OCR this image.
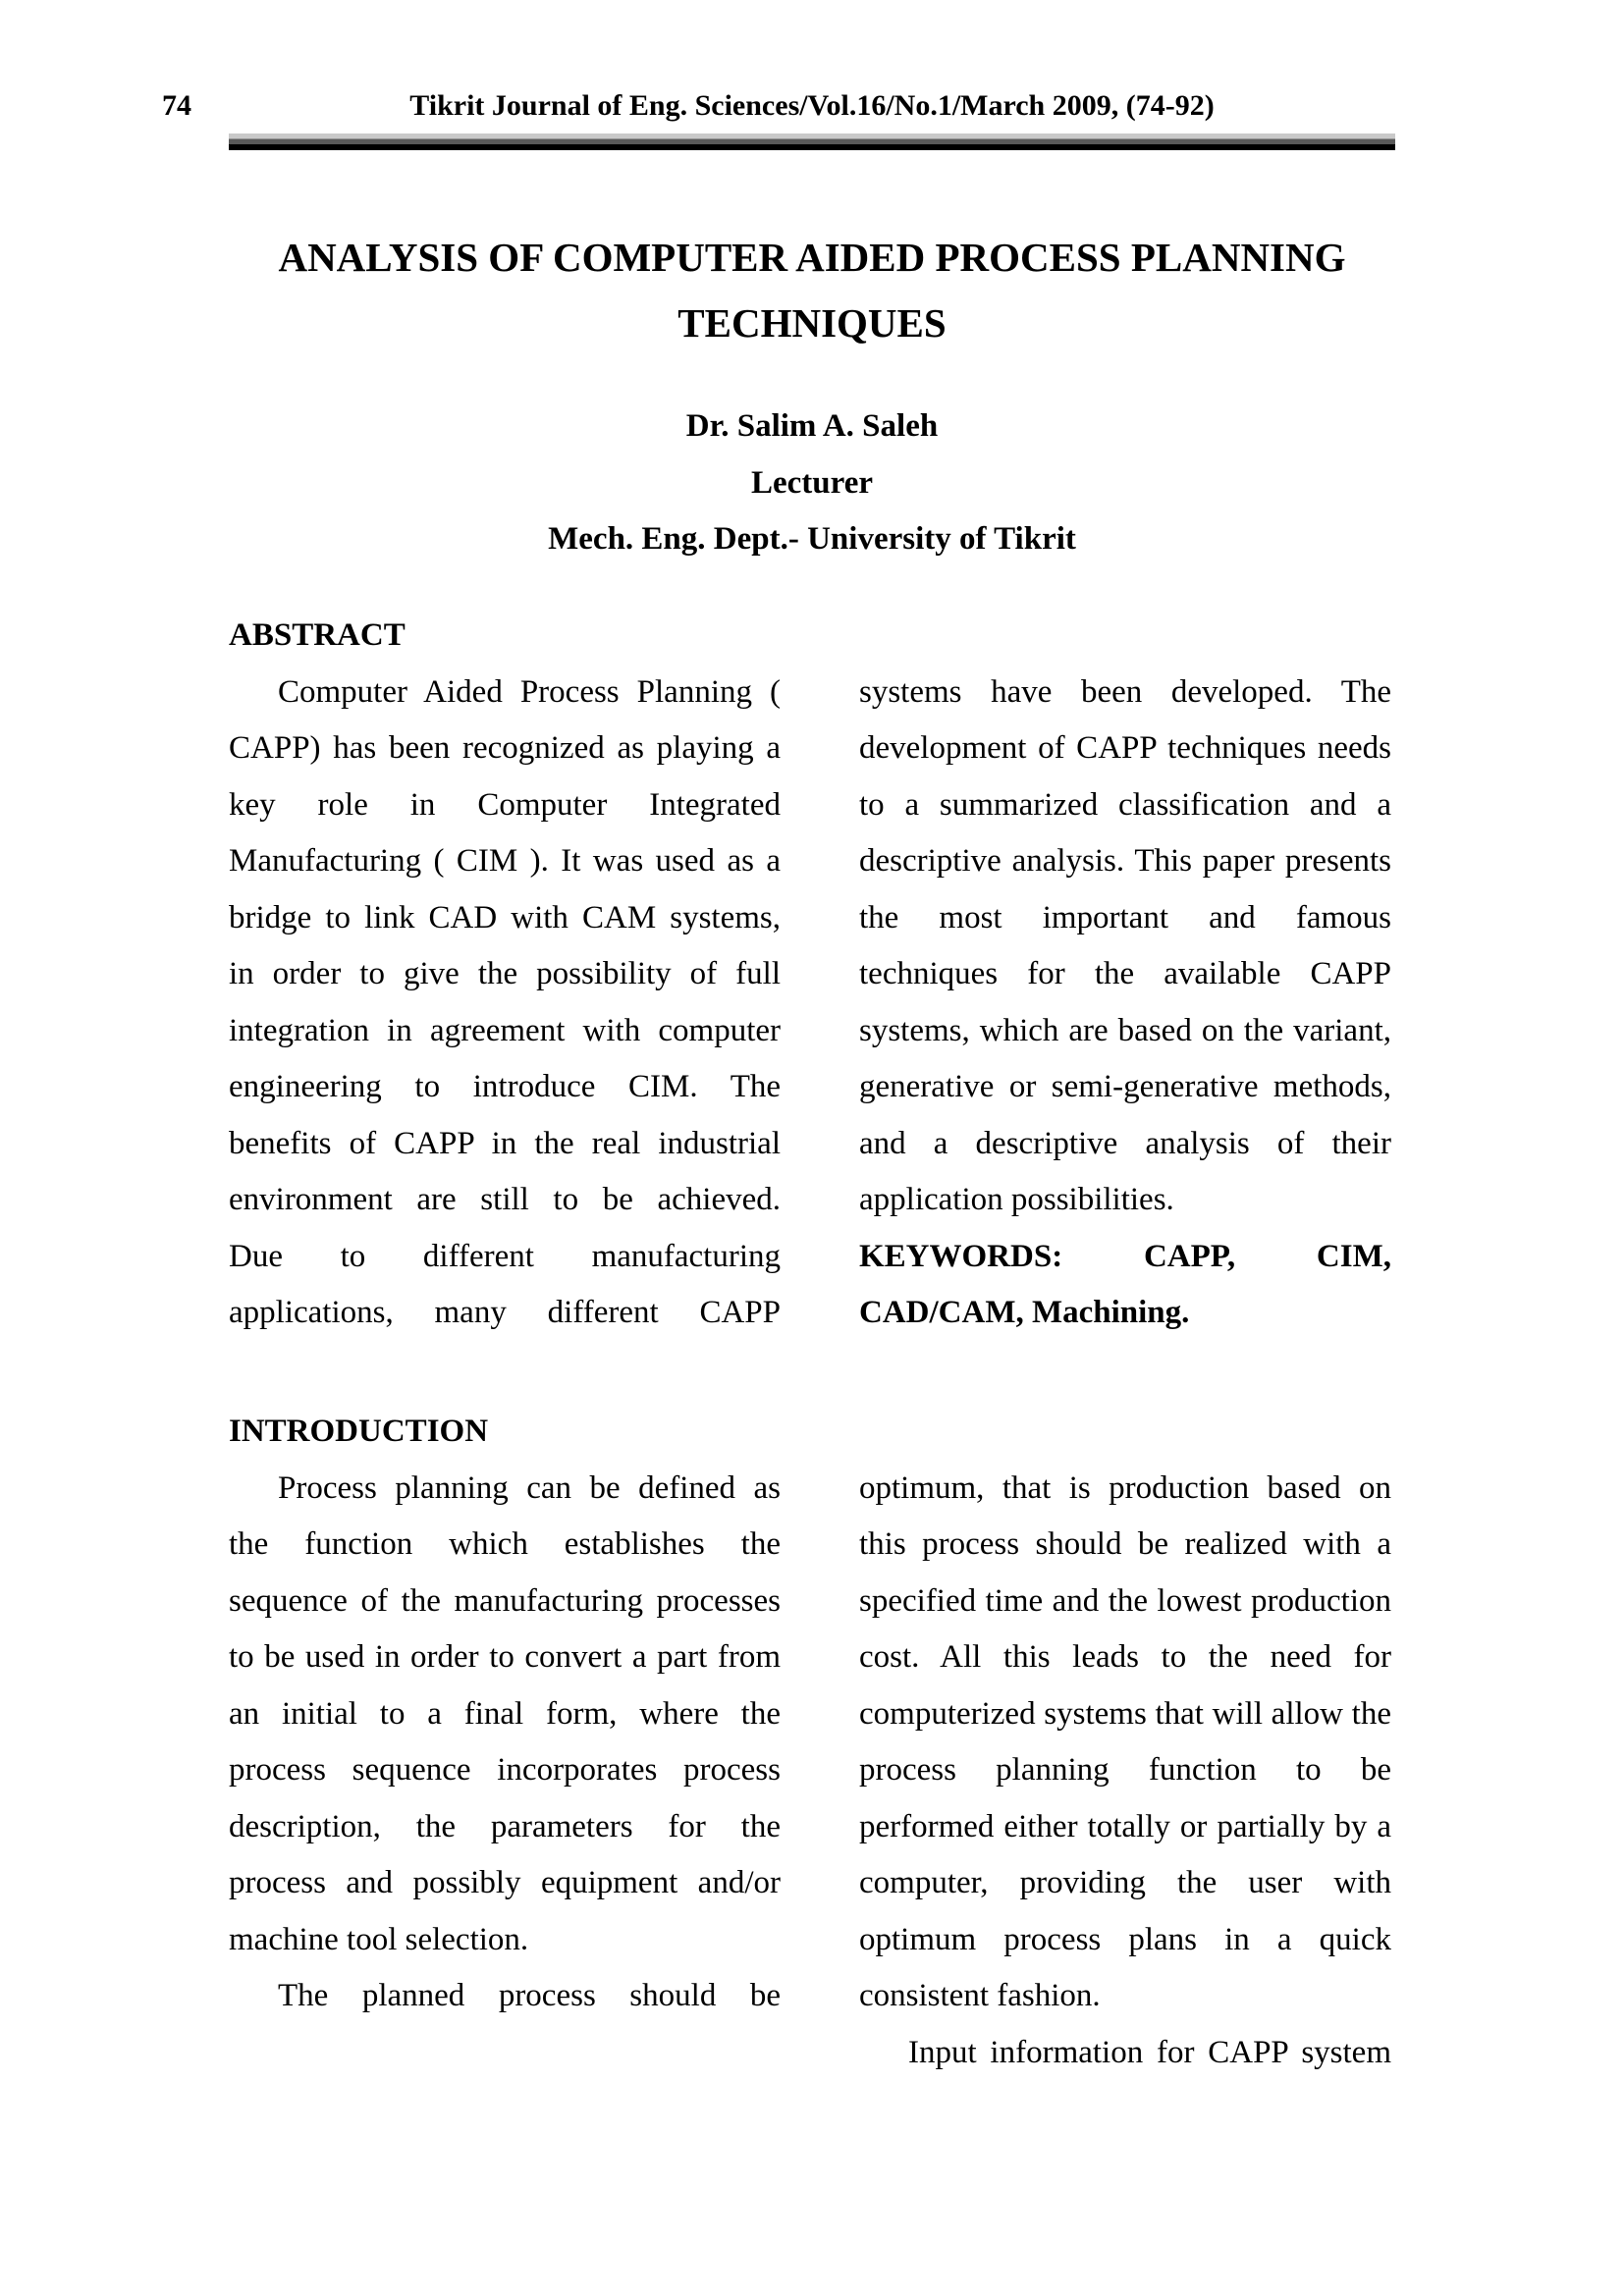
74	Tikrit Journal of Eng. Sciences/Vol.16/No.1/March 2009, (74-92)
ANALYSIS OF COMPUTER AIDED PROCESS PLANNING
TECHNIQUES
Dr. Salim A. Saleh
Lecturer
Mech. Eng. Dept.- University of Tikrit
ABSTRACT
Computer Aided Process Planning (
CAPP) has been recognized as playing a
key role in Computer Integrated
Manufacturing ( CIM ). It was used as a
bridge to link CAD with CAM systems,
in order to give the possibility of full
integration in agreement with computer
engineering to introduce CIM. The
benefits of CAPP in the real industrial
environment are still to be achieved.
Due to different manufacturing
applications, many different CAPP
systems have been developed. The
development of CAPP techniques needs
to a summarized classification and a
descriptive analysis. This paper presents
the most important and famous
techniques for the available CAPP
systems, which are based on the variant,
generative or semi-generative methods,
and a descriptive analysis of their
application possibilities.
KEYWORDS: CAPP, CIM,
CAD/CAM, Machining.
INTRODUCTION
Process planning can be defined as
the function which establishes the
sequence of the manufacturing processes
to be used in order to convert a part from
an initial to a final form, where the
process sequence incorporates process
description, the parameters for the
process and possibly equipment and/or
machine tool selection.
The planned process should be
optimum, that is production based on
this process should be realized with a
specified time and the lowest production
cost. All this leads to the need for
computerized systems that will allow the
process planning function to be
performed either totally or partially by a
computer, providing the user with
optimum process plans in a quick
consistent fashion.
Input information for CAPP system
